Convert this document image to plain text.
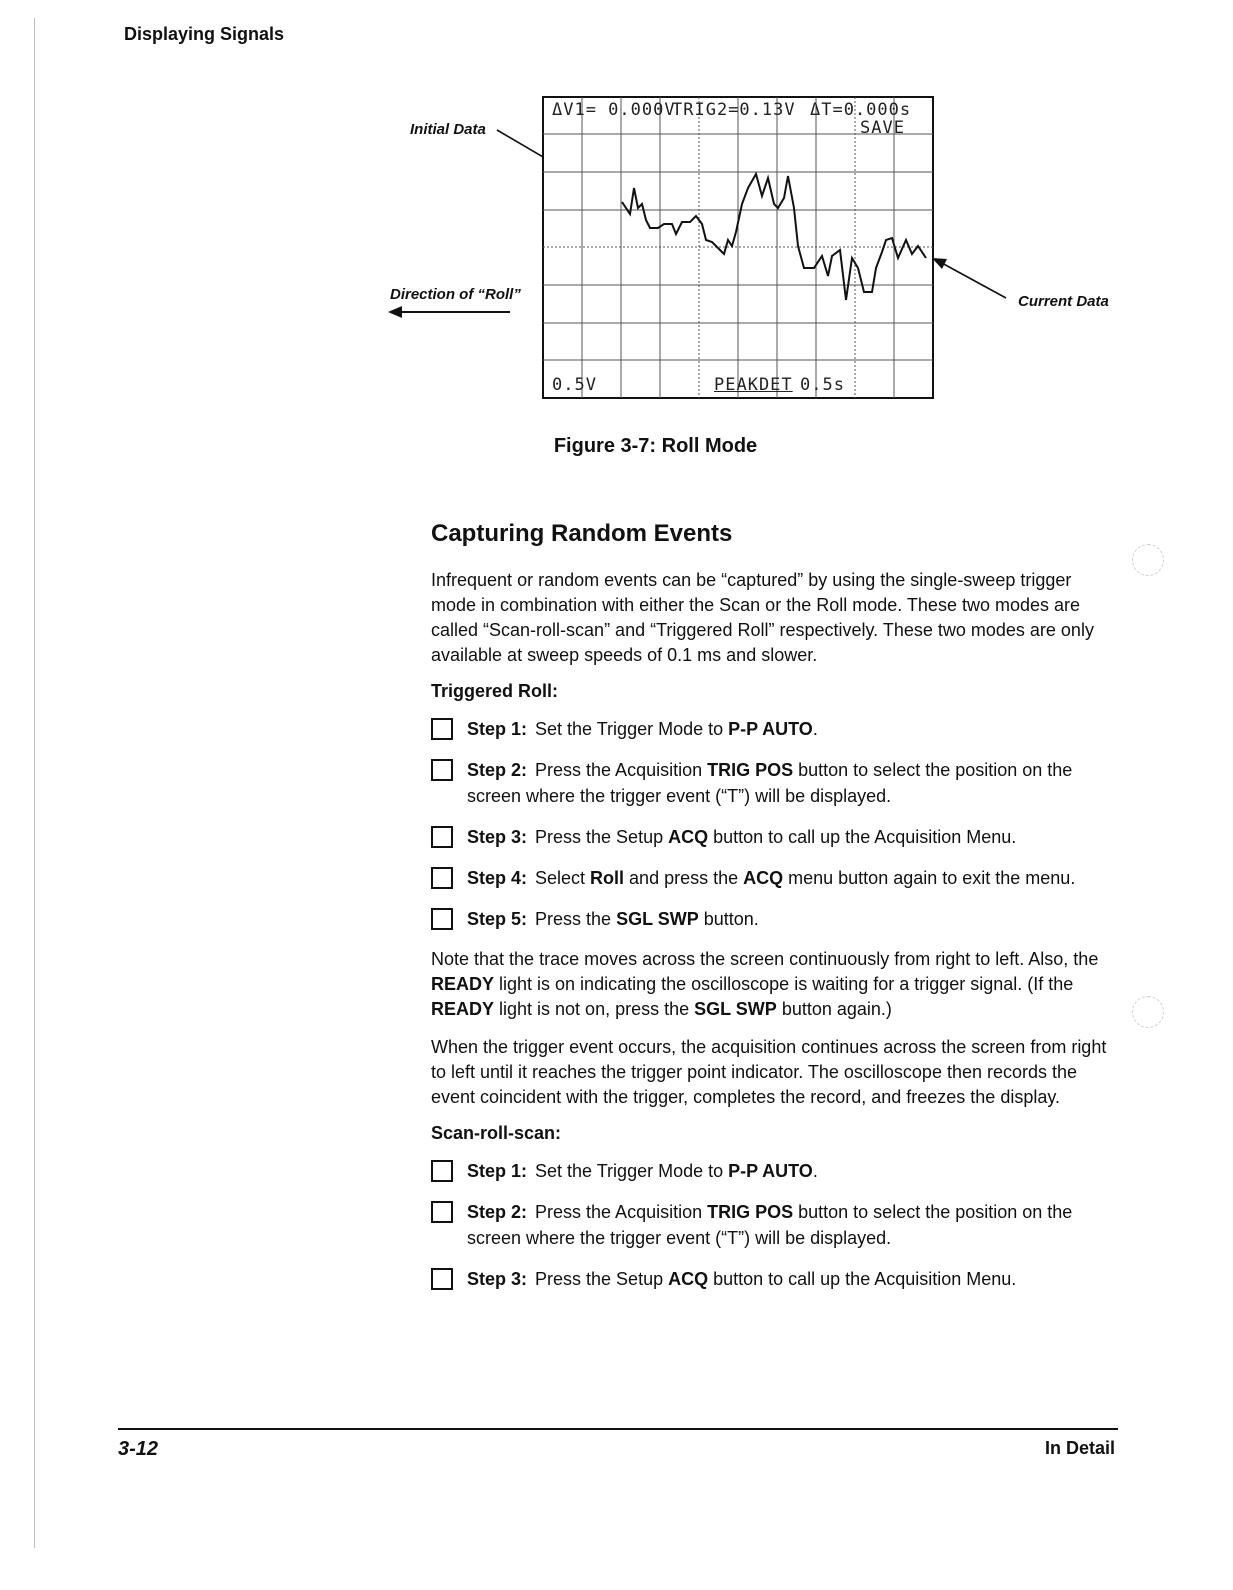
Displaying Signals
Initial Data
Direction of “Roll”	Current Data
ΔV1= 0.000V
TRIG2=0.13V ΔT=0.000s
SAVE
0.5V	PEAKDET 0.5s
Figure 3-7: Roll Mode
Capturing Random Events

Infrequent or random events can be “captured” by using the single-sweep trigger mode in combination with either the Scan or the Roll mode. These two modes are called “Scan-roll-scan” and “Triggered Roll” respectively. These two modes are only available at sweep speeds of 0.1 ms and slower.

Triggered Roll:
Step 1: Set the Trigger Mode to P-P AUTO.
Step 2: Press the Acquisition TRIG POS button to select the position on the screen where the trigger event (“T”) will be displayed.
Step 3: Press the Setup ACQ button to call up the Acquisition Menu.
Step 4: Select Roll and press the ACQ menu button again to exit the menu.
Step 5: Press the SGL SWP button.

Note that the trace moves across the screen continuously from right to left. Also, the READY light is on indicating the oscilloscope is waiting for a trigger signal. (If the READY light is not on, press the SGL SWP button again.)

When the trigger event occurs, the acquisition continues across the screen from right to left until it reaches the trigger point indicator. The oscilloscope then records the event coincident with the trigger, completes the record, and freezes the display.

Scan-roll-scan:
Step 1: Set the Trigger Mode to P-P AUTO.
Step 2: Press the Acquisition TRIG POS button to select the position on the screen where the trigger event (“T”) will be displayed.
Step 3: Press the Setup ACQ button to call up the Acquisition Menu.
3-12	In Detail
